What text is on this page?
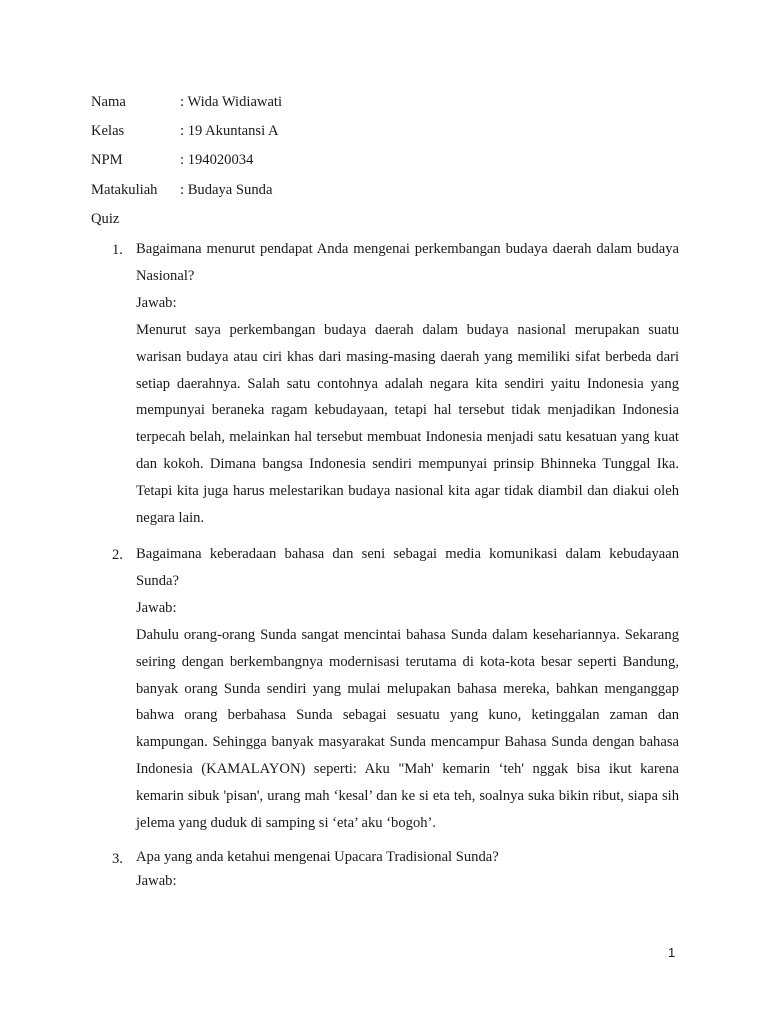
Nama	: Wida Widiawati
Kelas	: 19 Akuntansi A
NPM	: 194020034
Matakuliah : Budaya Sunda
Quiz
1. Bagaimana menurut pendapat Anda mengenai perkembangan budaya daerah dalam budaya Nasional?

Jawab:

Menurut saya perkembangan budaya daerah dalam budaya nasional merupakan suatu warisan budaya atau ciri khas dari masing-masing daerah yang memiliki sifat berbeda dari setiap daerahnya. Salah satu contohnya adalah negara kita sendiri yaitu Indonesia yang mempunyai beraneka ragam kebudayaan, tetapi hal tersebut tidak menjadikan Indonesia terpecah belah, melainkan hal tersebut membuat Indonesia menjadi satu kesatuan yang kuat dan kokoh. Dimana bangsa Indonesia sendiri mempunyai prinsip Bhinneka Tunggal Ika. Tetapi kita juga harus melestarikan budaya nasional kita agar tidak diambil dan diakui oleh negara lain.

2. Bagaimana keberadaan bahasa dan seni sebagai media komunikasi dalam kebudayaan Sunda?

Jawab:

Dahulu orang-orang Sunda sangat mencintai bahasa Sunda dalam kesehariannya. Sekarang seiring dengan berkembangnya modernisasi terutama di kota-kota besar seperti Bandung, banyak orang Sunda sendiri yang mulai melupakan bahasa mereka, bahkan menganggap bahwa orang berbahasa Sunda sebagai sesuatu yang kuno, ketinggalan zaman dan kampungan. Sehingga banyak masyarakat Sunda mencampur Bahasa Sunda dengan bahasa Indonesia (KAMALAYON) seperti: Aku "Mah' kemarin ‘teh' nggak bisa ikut karena kemarin sibuk 'pisan', urang mah ‘kesal’ dan ke si eta teh, soalnya suka bikin ribut, siapa sih jelema yang duduk di samping si ‘eta’ aku ‘bogoh’.

3. Apa yang anda ketahui mengenai Upacara Tradisional Sunda?

Jawab:

1
